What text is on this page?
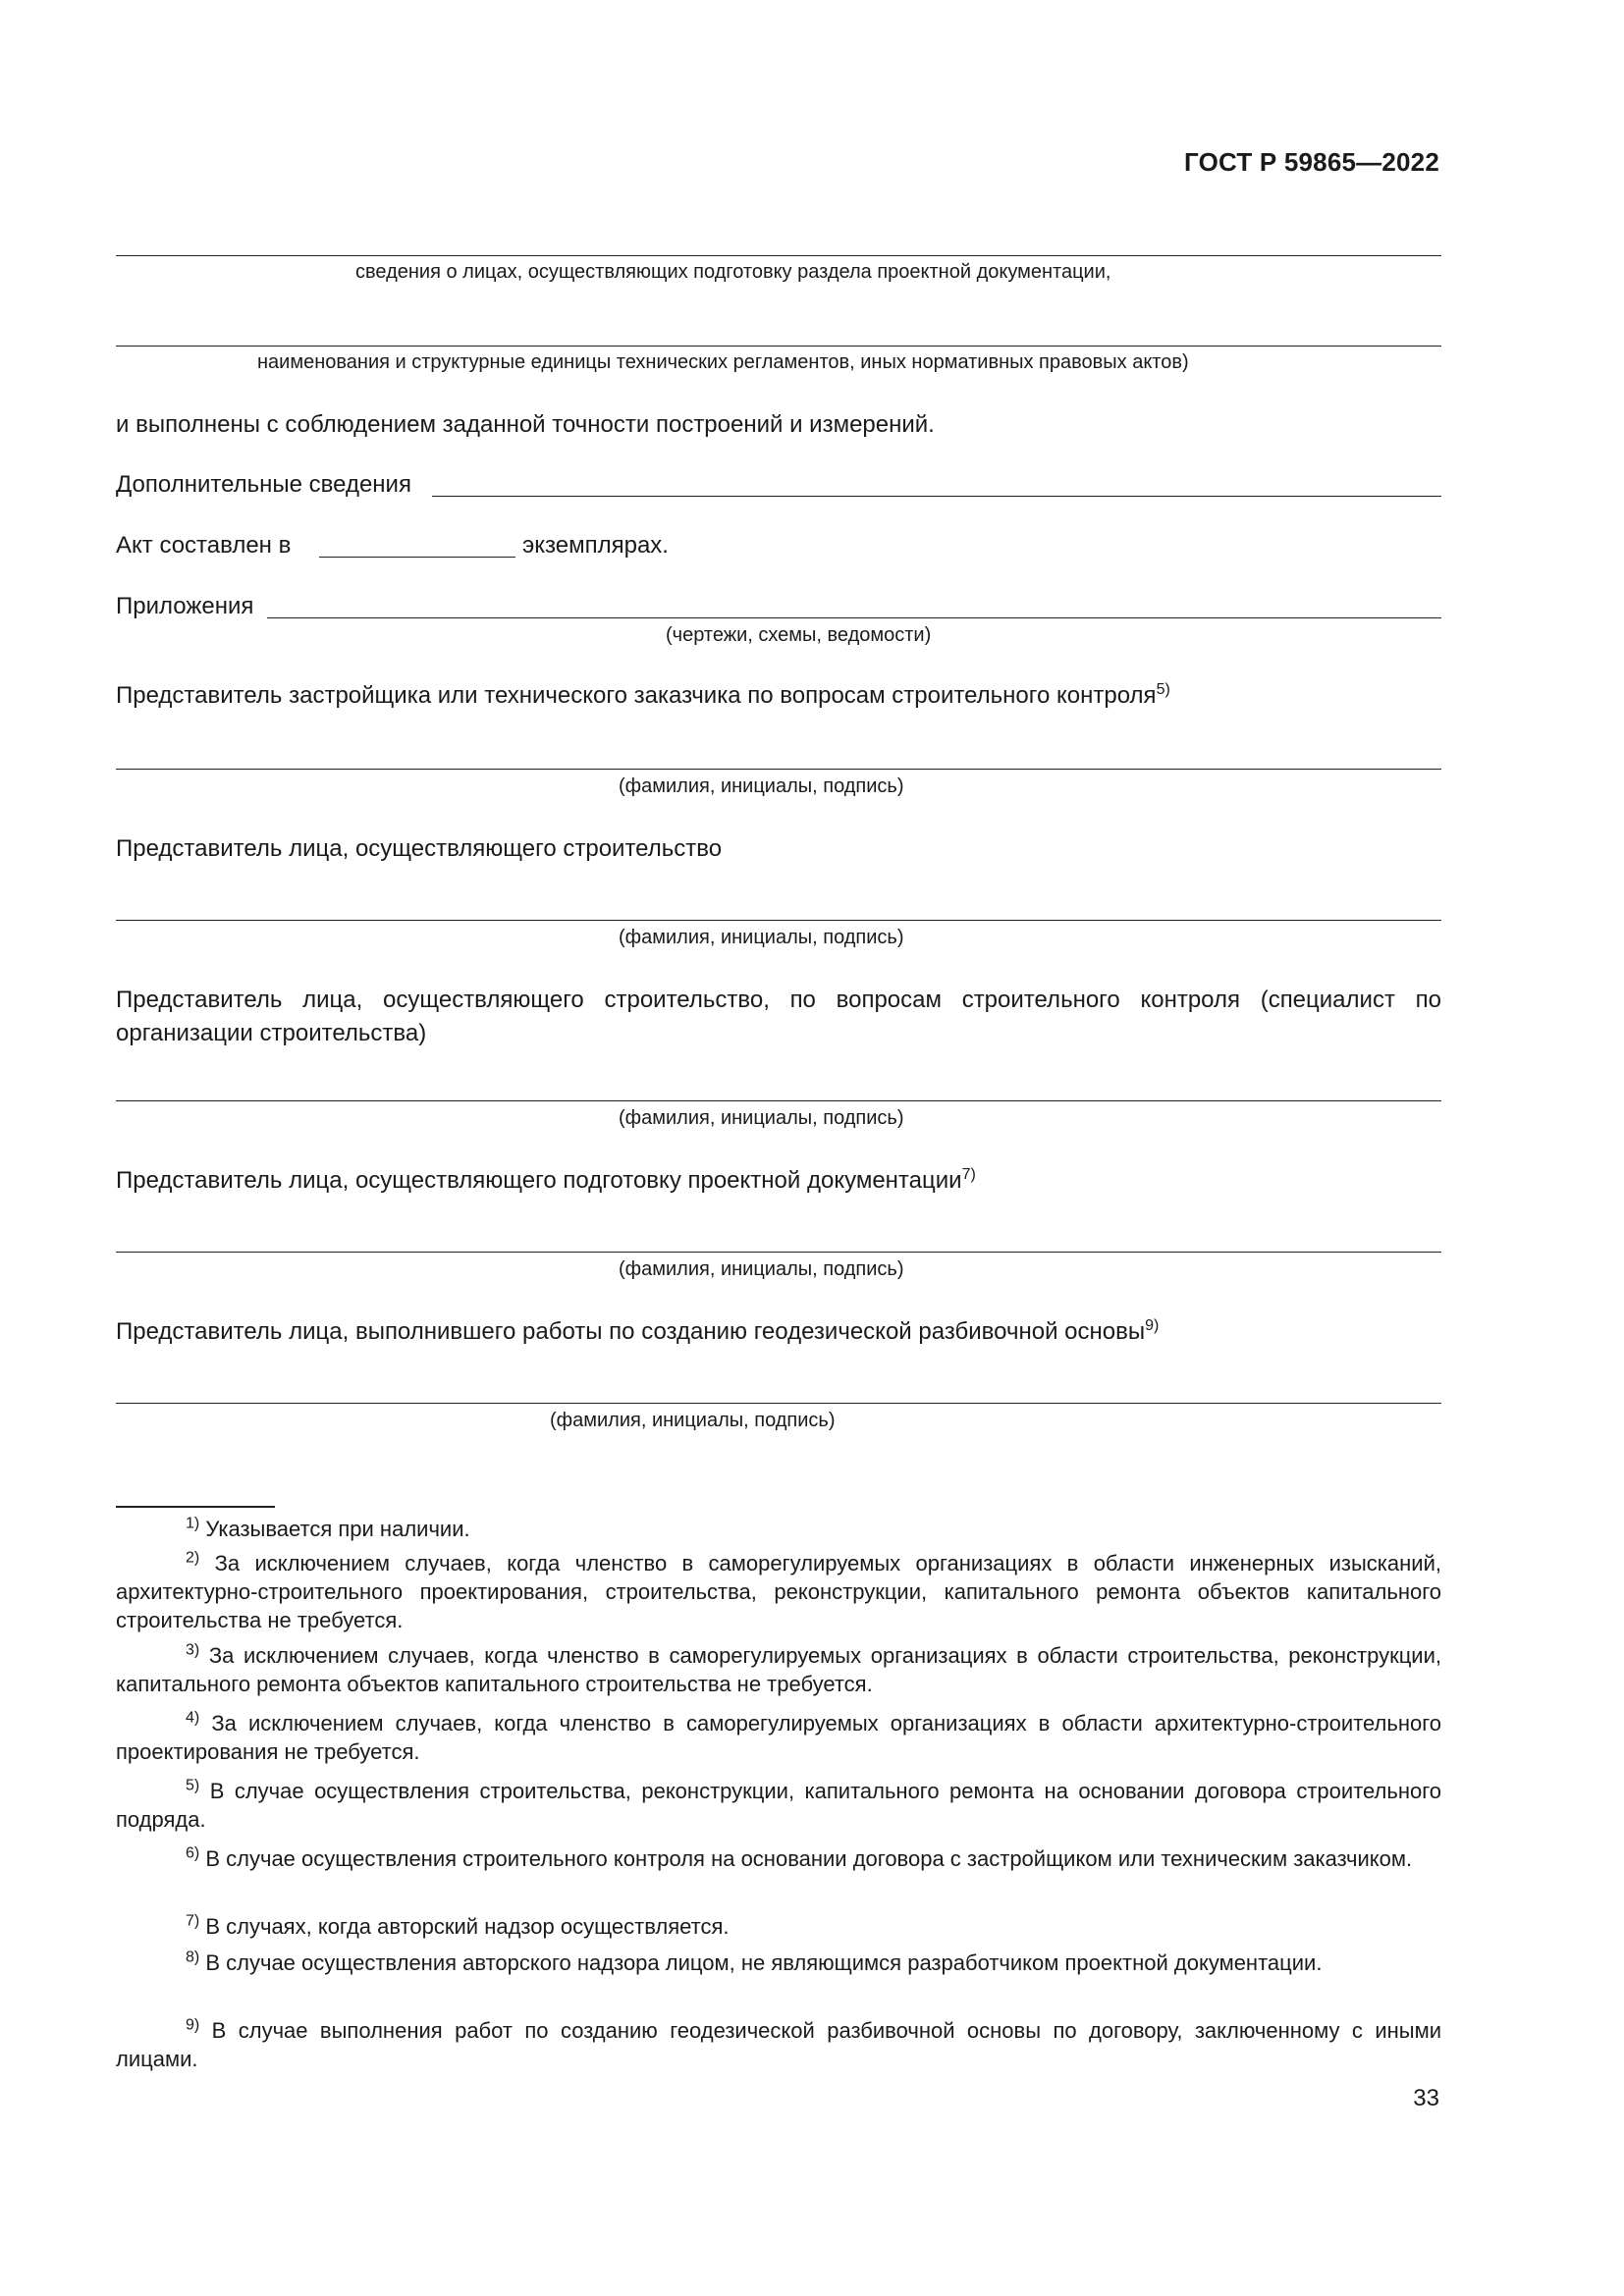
ГОСТ Р 59865—2022
сведения о лицах, осуществляющих подготовку раздела проектной документации,
наименования и структурные единицы технических регламентов, иных нормативных правовых актов)
и выполнены с соблюдением заданной точности построений и измерений.
Дополнительные сведения
Акт составлен в	экземплярах.
Приложения
(чертежи, схемы, ведомости)
Представитель застройщика или технического заказчика по вопросам строительного контроля$^{5)}$
(фамилия, инициалы, подпись)
Представитель лица, осуществляющего строительство
(фамилия, инициалы, подпись)
Представитель лица, осуществляющего строительство, по вопросам строительного контроля (специалист по организации строительства)
(фамилия, инициалы, подпись)
Представитель лица, осуществляющего подготовку проектной документации$^{7)}$
(фамилия, инициалы, подпись)
Представитель лица, выполнившего работы по созданию геодезической разбивочной основы$^{9)}$
(фамилия, инициалы, подпись)
$^{1)}$ Указывается при наличии.
$^{2)}$ За исключением случаев, когда членство в саморегулируемых организациях в области инженерных изысканий, архитектурно-строительного проектирования, строительства, реконструкции, капитального ремонта объектов капитального строительства не требуется.
$^{3)}$ За исключением случаев, когда членство в саморегулируемых организациях в области строительства, реконструкции, капитального ремонта объектов капитального строительства не требуется.
$^{4)}$ За исключением случаев, когда членство в саморегулируемых организациях в области архитектурно-строительного проектирования не требуется.
$^{5)}$ В случае осуществления строительства, реконструкции, капитального ремонта на основании договора строительного подряда.
$^{6)}$ В случае осуществления строительного контроля на основании договора с застройщиком или техническим заказчиком.
$^{7)}$ В случаях, когда авторский надзор осуществляется.
$^{8)}$ В случае осуществления авторского надзора лицом, не являющимся разработчиком проектной документации.
$^{9)}$ В случае выполнения работ по созданию геодезической разбивочной основы по договору, заключенному с иными лицами.
33
